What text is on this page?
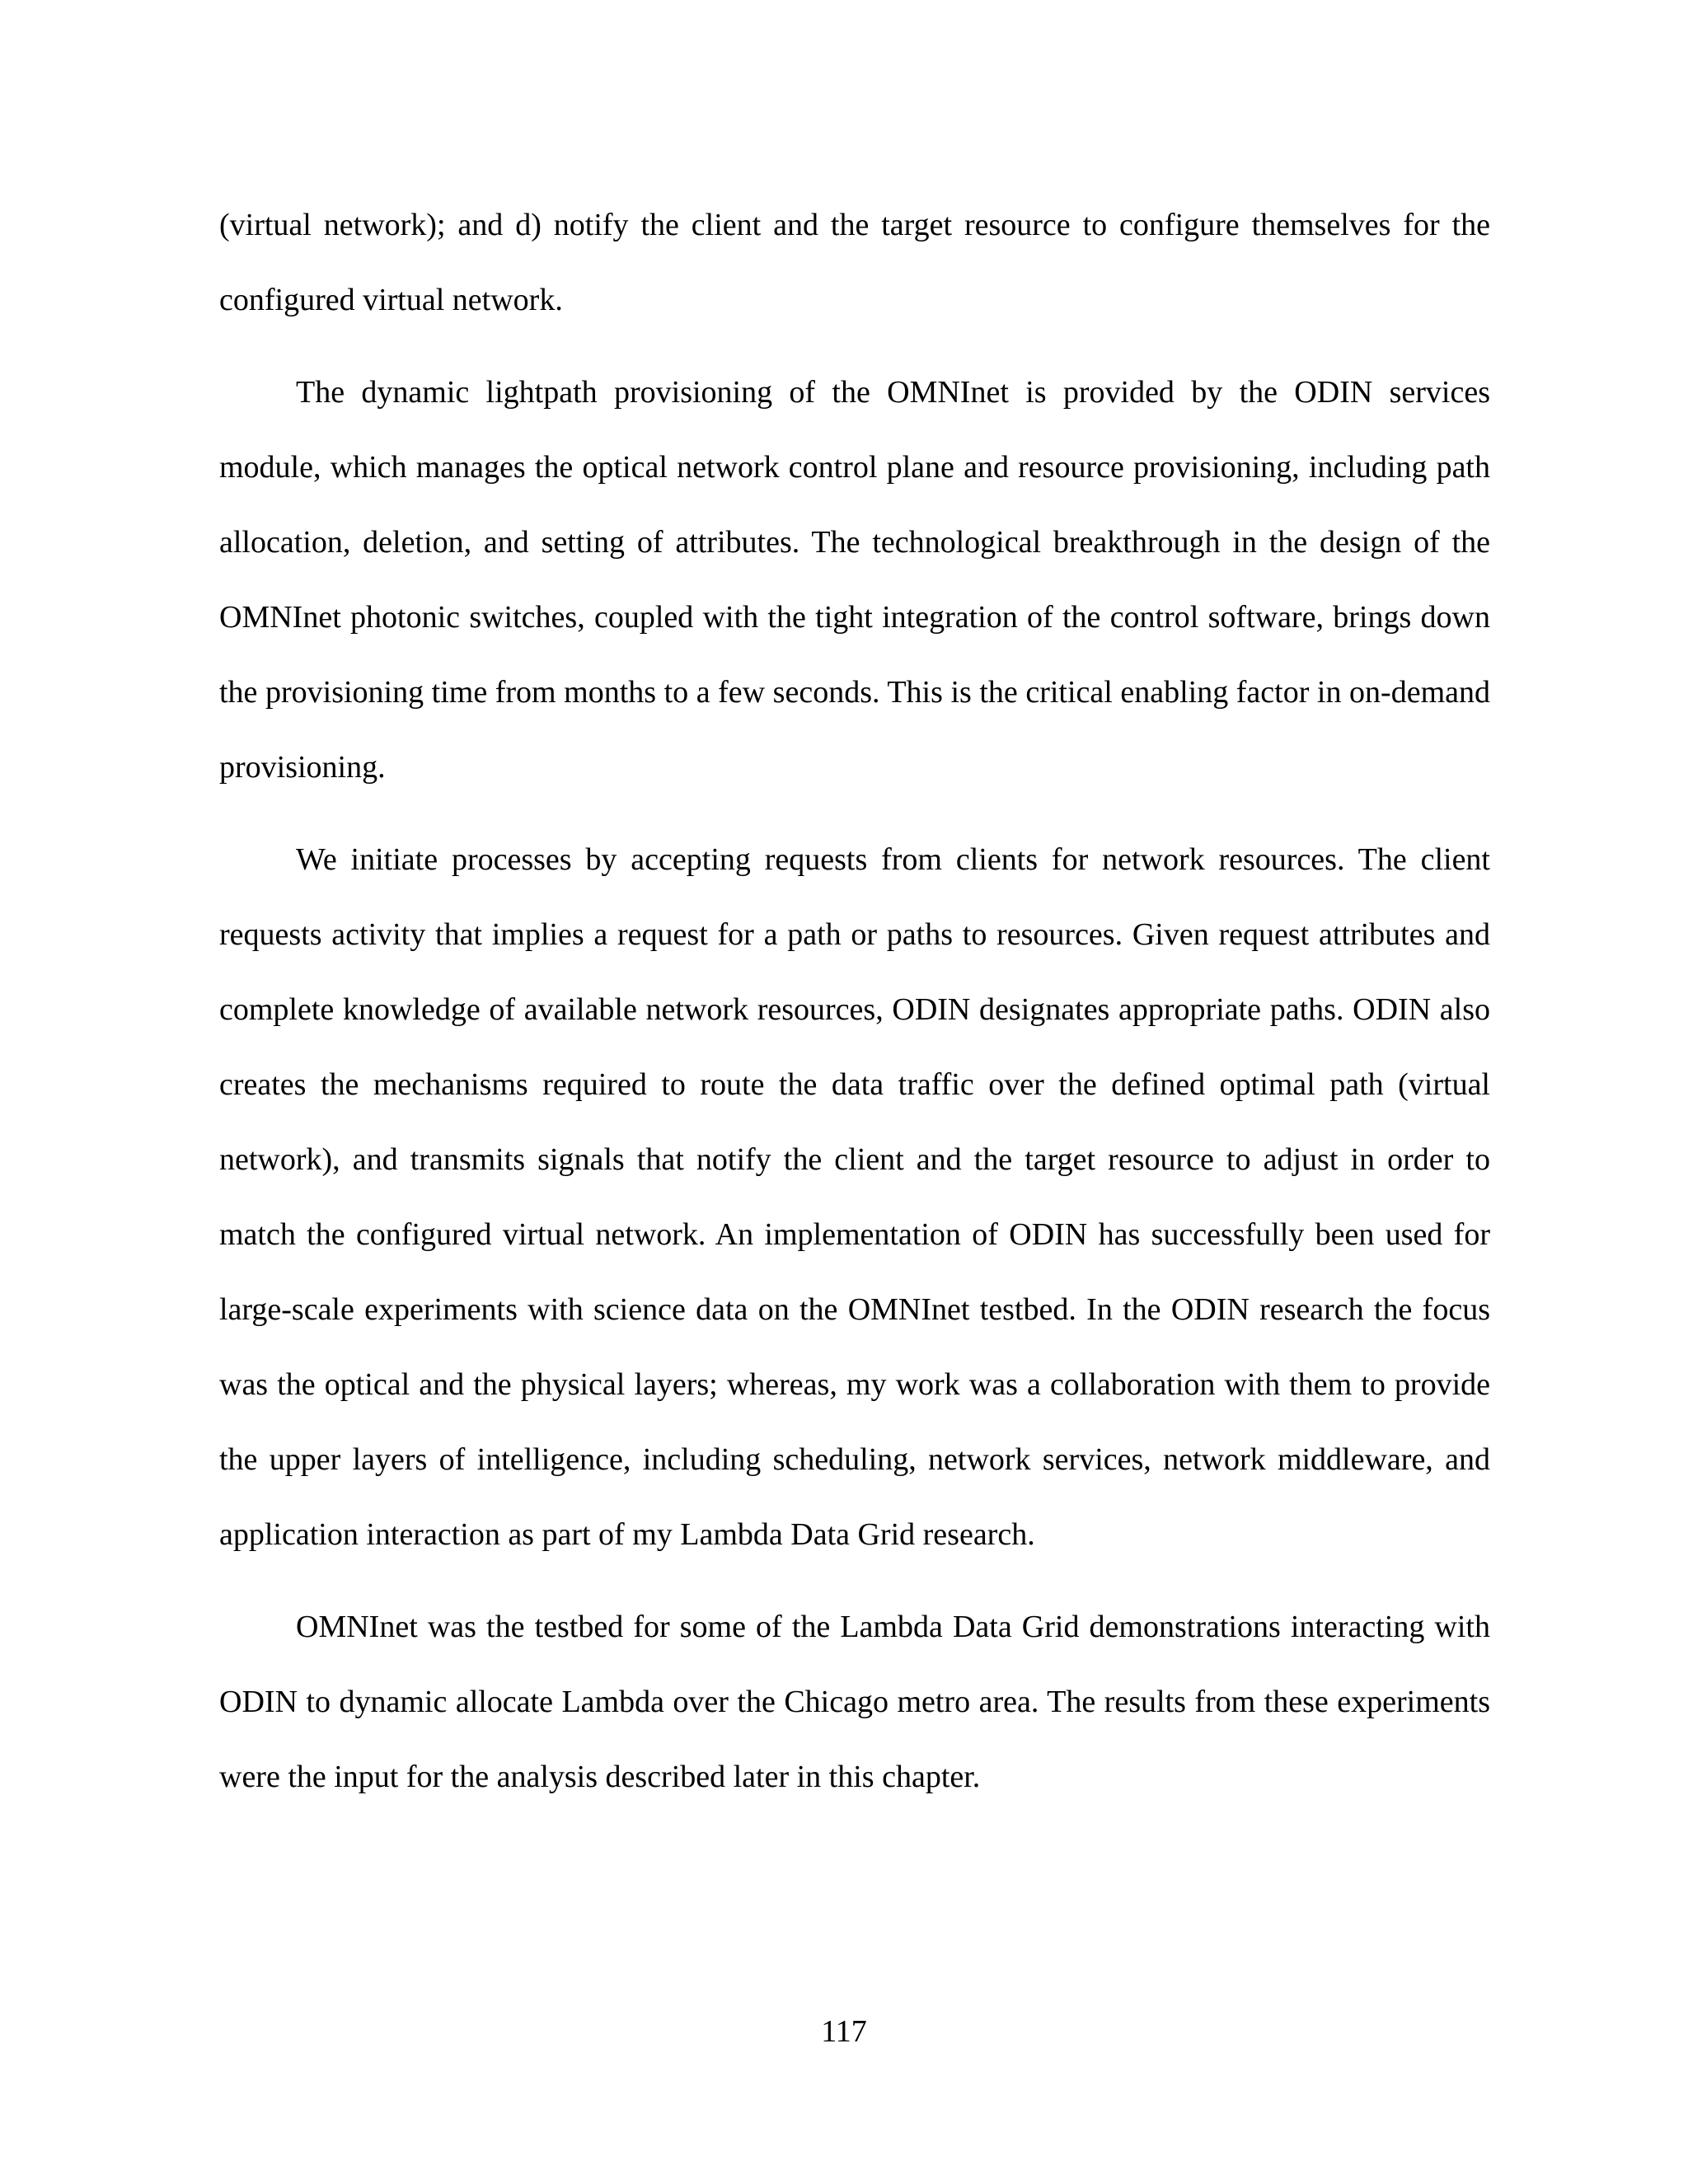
(virtual network); and d) notify the client and the target resource to configure themselves for the configured virtual network.

The dynamic lightpath provisioning of the OMNInet is provided by the ODIN services module, which manages the optical network control plane and resource provisioning, including path allocation, deletion, and setting of attributes. The technological breakthrough in the design of the OMNInet photonic switches, coupled with the tight integration of the control software, brings down the provisioning time from months to a few seconds. This is the critical enabling factor in on-demand provisioning.

We initiate processes by accepting requests from clients for network resources. The client requests activity that implies a request for a path or paths to resources. Given request attributes and complete knowledge of available network resources, ODIN designates appropriate paths. ODIN also creates the mechanisms required to route the data traffic over the defined optimal path (virtual network), and transmits signals that notify the client and the target resource to adjust in order to match the configured virtual network. An implementation of ODIN has successfully been used for large-scale experiments with science data on the OMNInet testbed. In the ODIN research the focus was the optical and the physical layers; whereas, my work was a collaboration with them to provide the upper layers of intelligence, including scheduling, network services, network middleware, and application interaction as part of my Lambda Data Grid research.

OMNInet was the testbed for some of the Lambda Data Grid demonstrations interacting with ODIN to dynamic allocate Lambda over the Chicago metro area. The results from these experiments were the input for the analysis described later in this chapter.

117
